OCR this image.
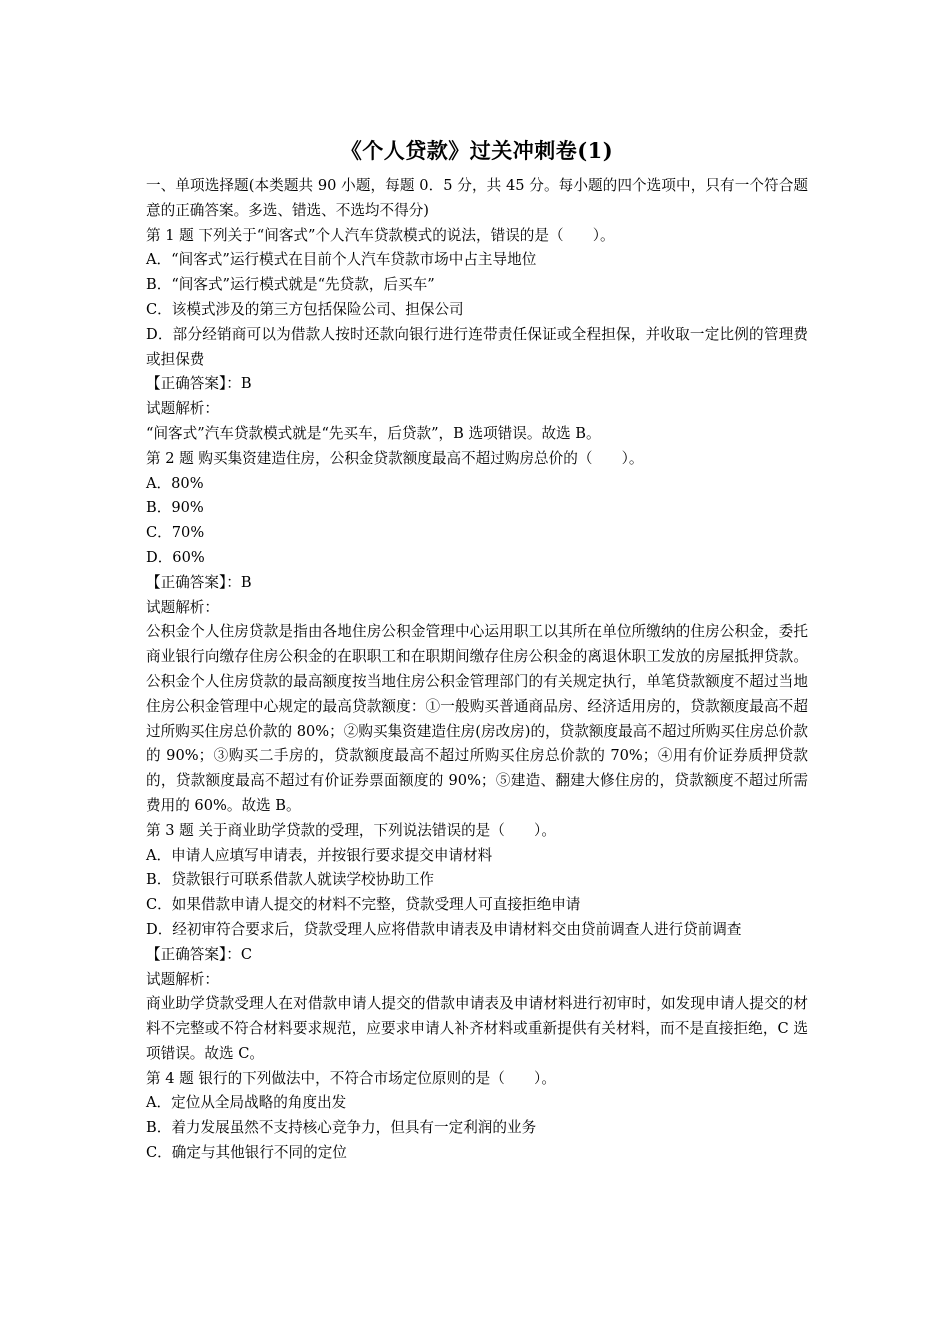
《个人贷款》过关冲刺卷(1)

一、单项选择题(本类题共 90 小题，每题 0．5 分，共 45 分。每小题的四个选项中，只有一个符合题意的正确答案。多选、错选、不选均不得分)

第 1 题 下列关于“间客式”个人汽车贷款模式的说法，错误的是（　　）。

A．“间客式”运行模式在目前个人汽车贷款市场中占主导地位

B．“间客式”运行模式就是“先贷款，后买车”

C．该模式涉及的第三方包括保险公司、担保公司

D．部分经销商可以为借款人按时还款向银行进行连带责任保证或全程担保，并收取一定比例的管理费或担保费

【正确答案】：B

试题解析：

“间客式”汽车贷款模式就是“先买车，后贷款”，B 选项错误。故选 B。

第 2 题 购买集资建造住房，公积金贷款额度最高不超过购房总价的（　　）。

A．80%

B．90%

C．70%

D．60%

【正确答案】：B

试题解析：

公积金个人住房贷款是指由各地住房公积金管理中心运用职工以其所在单位所缴纳的住房公积金，委托商业银行向缴存住房公积金的在职职工和在职期间缴存住房公积金的离退休职工发放的房屋抵押贷款。公积金个人住房贷款的最高额度按当地住房公积金管理部门的有关规定执行，单笔贷款额度不超过当地住房公积金管理中心规定的最高贷款额度：①一般购买普通商品房、经济适用房的，贷款额度最高不超过所购买住房总价款的 80%；②购买集资建造住房(房改房)的，贷款额度最高不超过所购买住房总价款的 90%；③购买二手房的，贷款额度最高不超过所购买住房总价款的 70%；④用有价证券质押贷款的，贷款额度最高不超过有价证券票面额度的 90%；⑤建造、翻建大修住房的，贷款额度不超过所需费用的 60%。故选 B。

第 3 题 关于商业助学贷款的受理，下列说法错误的是（　　）。

A．申请人应填写申请表，并按银行要求提交申请材料

B．贷款银行可联系借款人就读学校协助工作

C．如果借款申请人提交的材料不完整，贷款受理人可直接拒绝申请

D．经初审符合要求后，贷款受理人应将借款申请表及申请材料交由贷前调查人进行贷前调查

【正确答案】：C

试题解析：

商业助学贷款受理人在对借款申请人提交的借款申请表及申请材料进行初审时，如发现申请人提交的材料不完整或不符合材料要求规范，应要求申请人补齐材料或重新提供有关材料，而不是直接拒绝，C 选项错误。故选 C。

第 4 题 银行的下列做法中，不符合市场定位原则的是（　　）。

A．定位从全局战略的角度出发

B．着力发展虽然不支持核心竞争力，但具有一定利润的业务

C．确定与其他银行不同的定位
